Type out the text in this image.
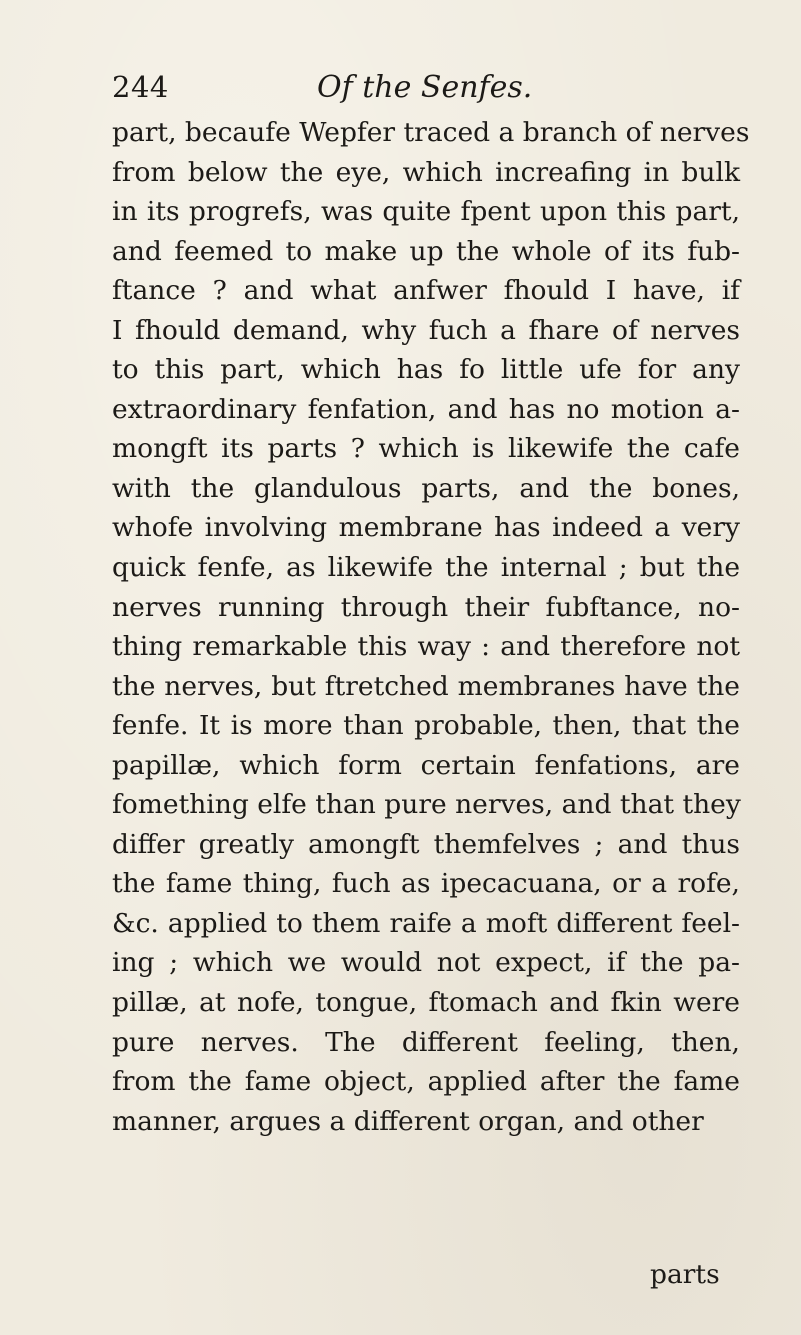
244	Of the Senfes.
part, becaufe Wepfer traced a branch of nerves
from below the eye, which increafing in bulk
in its progrefs, was quite fpent upon this part,
and feemed to make up the whole of its fub-
ftance ? and what anfwer fhould I have, if
I fhould demand, why fuch a fhare of nerves
to this part, which has fo little ufe for any
extraordinary fenfation, and has no motion a-
mongft its parts ? which is likewife the cafe
with the glandulous parts, and the bones,
whofe involving membrane has indeed a very
quick fenfe, as likewife the internal ; but the
nerves running through their fubftance, no-
thing remarkable this way : and therefore not
the nerves, but ftretched membranes have the
fenfe. It is more than probable, then, that the
papillæ, which form certain fenfations, are
fomething elfe than pure nerves, and that they
differ greatly amongft themfelves ; and thus
the fame thing, fuch as ipecacuana, or a rofe,
&c. applied to them raife a moft different feel-
ing ; which we would not expect, if the pa-
pillæ, at nofe, tongue, ftomach and fkin were
pure nerves. The different feeling, then,
from the fame object, applied after the fame
manner, argues a different organ, and other
parts
